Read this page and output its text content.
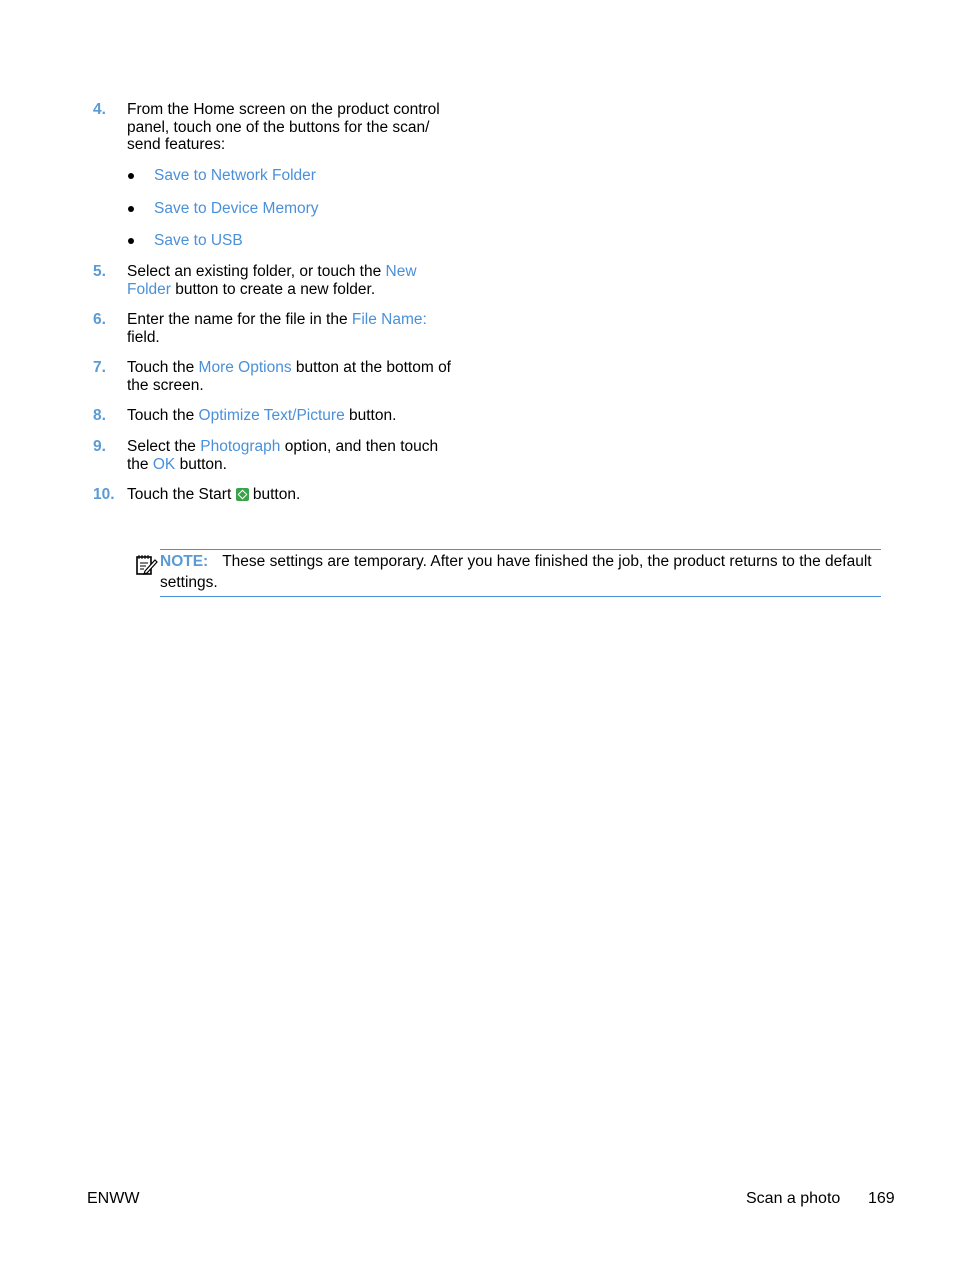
4. From the Home screen on the product control panel, touch one of the buttons for the scan/ send features:
Save to Network Folder
Save to Device Memory
Save to USB
5. Select an existing folder, or touch the New Folder button to create a new folder.
6. Enter the name for the file in the File Name: field.
7. Touch the More Options button at the bottom of the screen.
8. Touch the Optimize Text/Picture button.
9. Select the Photograph option, and then touch the OK button.
10. Touch the Start  button.
NOTE: These settings are temporary. After you have finished the job, the product returns to the default settings.
ENWW	Scan a photo 169
